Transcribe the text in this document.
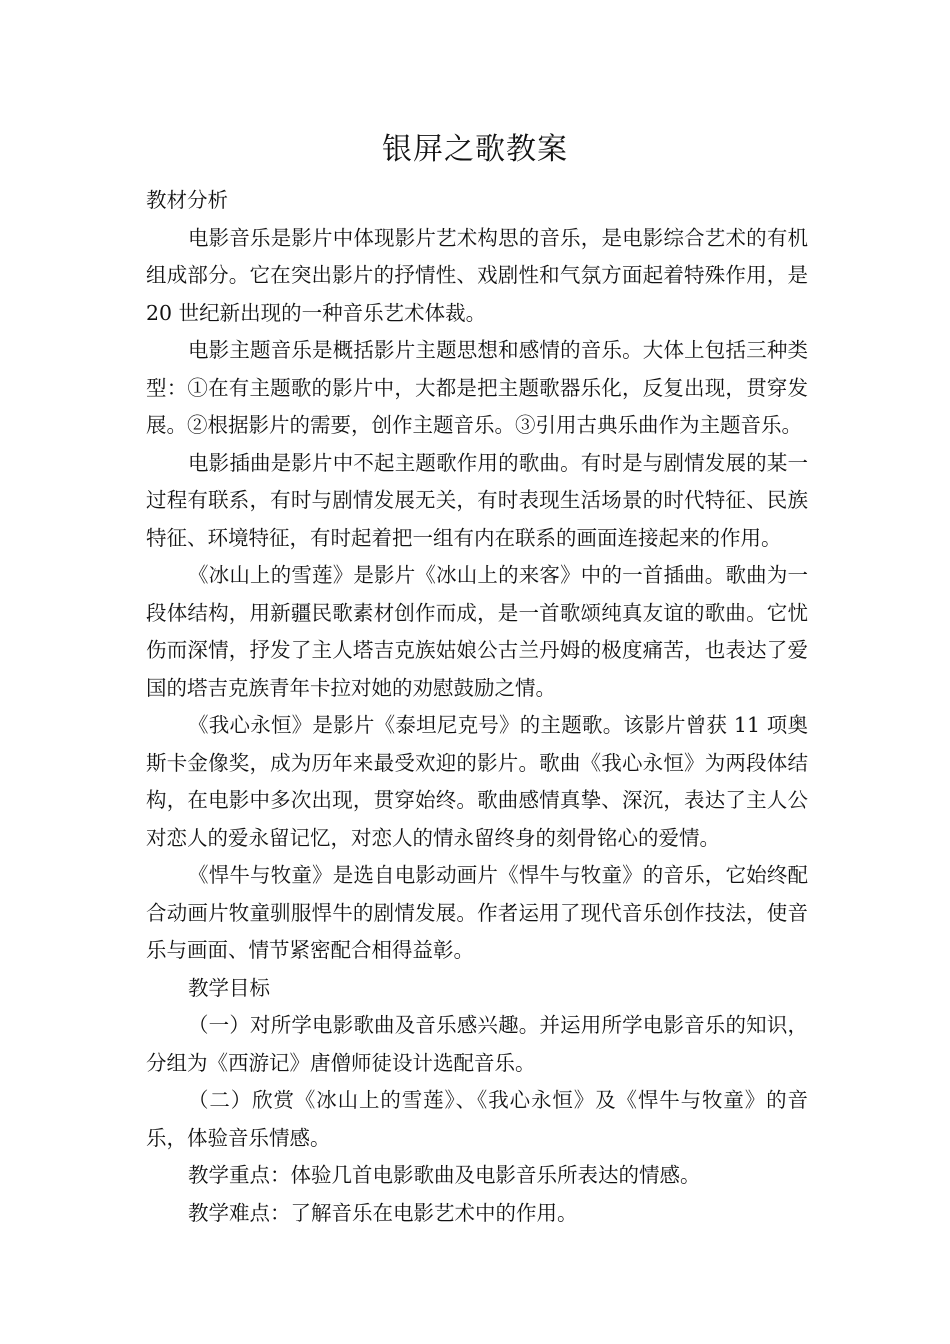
银屏之歌教案

教材分析

电影音乐是影片中体现影片艺术构思的音乐，是电影综合艺术的有机组成部分。它在突出影片的抒情性、戏剧性和气氛方面起着特殊作用，是 20 世纪新出现的一种音乐艺术体裁。

电影主题音乐是概括影片主题思想和感情的音乐。大体上包括三种类型：①在有主题歌的影片中，大都是把主题歌器乐化，反复出现，贯穿发展。②根据影片的需要，创作主题音乐。③引用古典乐曲作为主题音乐。

电影插曲是影片中不起主题歌作用的歌曲。有时是与剧情发展的某一过程有联系，有时与剧情发展无关，有时表现生活场景的时代特征、民族特征、环境特征，有时起着把一组有内在联系的画面连接起来的作用。

《冰山上的雪莲》是影片《冰山上的来客》中的一首插曲。歌曲为一段体结构，用新疆民歌素材创作而成，是一首歌颂纯真友谊的歌曲。它忧伤而深情，抒发了主人塔吉克族姑娘公古兰丹姆的极度痛苦，也表达了爱国的塔吉克族青年卡拉对她的劝慰鼓励之情。

《我心永恒》是影片《泰坦尼克号》的主题歌。该影片曾获 11 项奥斯卡金像奖，成为历年来最受欢迎的影片。歌曲《我心永恒》为两段体结构，在电影中多次出现，贯穿始终。歌曲感情真挚、深沉，表达了主人公对恋人的爱永留记忆，对恋人的情永留终身的刻骨铭心的爱情。

《悍牛与牧童》是选自电影动画片《悍牛与牧童》的音乐，它始终配合动画片牧童驯服悍牛的剧情发展。作者运用了现代音乐创作技法，使音乐与画面、情节紧密配合相得益彰。

教学目标

（一）对所学电影歌曲及音乐感兴趣。并运用所学电影音乐的知识，分组为《西游记》唐僧师徒设计选配音乐。

（二）欣赏《冰山上的雪莲》、《我心永恒》及《悍牛与牧童》的音乐，体验音乐情感。

教学重点：体验几首电影歌曲及电影音乐所表达的情感。

教学难点：了解音乐在电影艺术中的作用。
